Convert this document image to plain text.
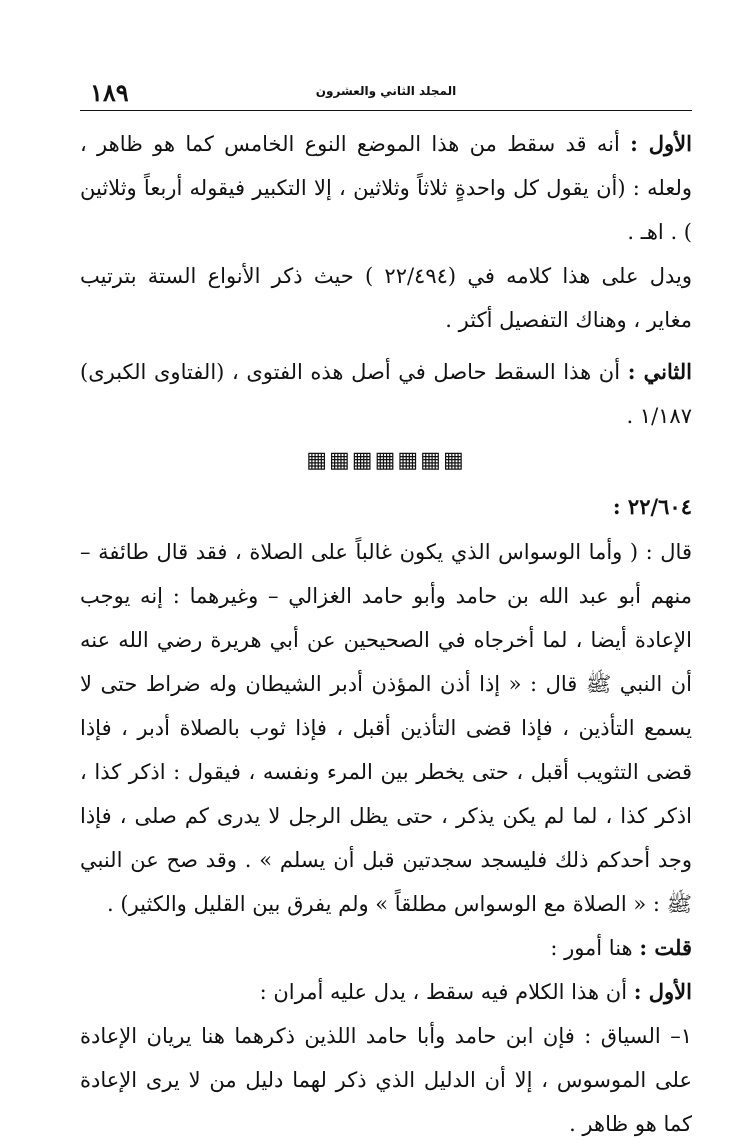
المجلد الثاني والعشرون
١٨٩

الأول : أنه قد سقط من هذا الموضع النوع الخامس كما هو ظاهر ، ولعله : (أن يقول كل واحدةٍ ثلاثاً وثلاثين ، إلا التكبير فيقوله أربعاً وثلاثين ) . اهـ .

ويدل على هذا كلامه في (٢٢/٤٩٤ ) حيث ذكر الأنواع الستة بترتيب مغاير ، وهناك التفصيل أكثر .

الثاني : أن هذا السقط حاصل في أصل هذه الفتوى ، (الفتاوى الكبرى) ١/١٨٧ .

▦▦▦▦▦▦▦
٢٢/٦٠٤ :

قال : ( وأما الوسواس الذي يكون غالباً على الصلاة ، فقد قال طائفة – منهم أبو عبد الله بن حامد وأبو حامد الغزالي – وغيرهما : إنه يوجب الإعادة أيضا ، لما أخرجاه في الصحيحين عن أبي هريرة رضي الله عنه أن النبي ﷺ قال : « إذا أذن المؤذن أدبر الشيطان وله ضراط حتى لا يسمع التأذين ، فإذا قضى التأذين أقبل ، فإذا ثوب بالصلاة أدبر ، فإذا قضى التثويب أقبل ، حتى يخطر بين المرء ونفسه ، فيقول : اذكر كذا ، اذكر كذا ، لما لم يكن يذكر ، حتى يظل الرجل لا يدرى كم صلى ، فإذا وجد أحدكم ذلك فليسجد سجدتين قبل أن يسلم » . وقد صح عن النبي ﷺ : « الصلاة مع الوسواس مطلقاً » ولم يفرق بين القليل والكثير) .

قلت : هنا أمور :

الأول : أن هذا الكلام فيه سقط ، يدل عليه أمران :

١– السياق : فإن ابن حامد وأبا حامد اللذين ذكرهما هنا يريان الإعادة على الموسوس ، إلا أن الدليل الذي ذكر لهما دليل من لا يرى الإعادة كما هو ظاهر .
